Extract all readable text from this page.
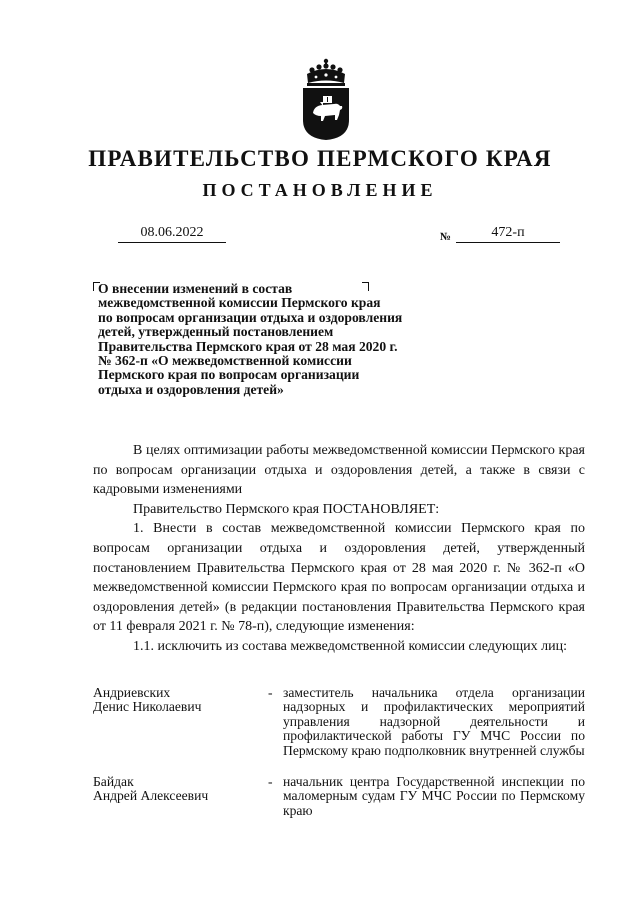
ПРАВИТЕЛЬСТВО ПЕРМСКОГО КРАЯ
ПОСТАНОВЛЕНИЕ
08.06.2022	№	472-п
О внесении изменений в состав
межведомственной комиссии Пермского края
по вопросам организации отдыха и оздоровления
детей, утвержденный постановлением
Правительства Пермского края от 28 мая 2020 г.
№ 362-п «О межведомственной комиссии
Пермского края по вопросам организации
отдыха и оздоровления детей»

В целях оптимизации работы межведомственной комиссии Пермского края по вопросам организации отдыха и оздоровления детей, а также в связи с кадровыми изменениями

Правительство Пермского края ПОСТАНОВЛЯЕТ:

1. Внести в состав межведомственной комиссии Пермского края по вопросам организации отдыха и оздоровления детей, утвержденный постановлением Правительства Пермского края от 28 мая 2020 г. № 362-п «О межведомственной комиссии Пермского края по вопросам организации отдыха и оздоровления детей» (в редакции постановления Правительства Пермского края от 11 февраля 2021 г. № 78-п), следующие изменения:

1.1. исключить из состава межведомственной комиссии следующих лиц:

Андриевских
Денис Николаевич
- заместитель начальника отдела организации надзорных и профилактических мероприятий управления надзорной деятельности и профилактической работы ГУ МЧС России по Пермскому краю подполковник внутренней службы
Байдак
Андрей Алексеевич
- начальник центра Государственной инспекции по маломерным судам ГУ МЧС России по Пермскому краю
